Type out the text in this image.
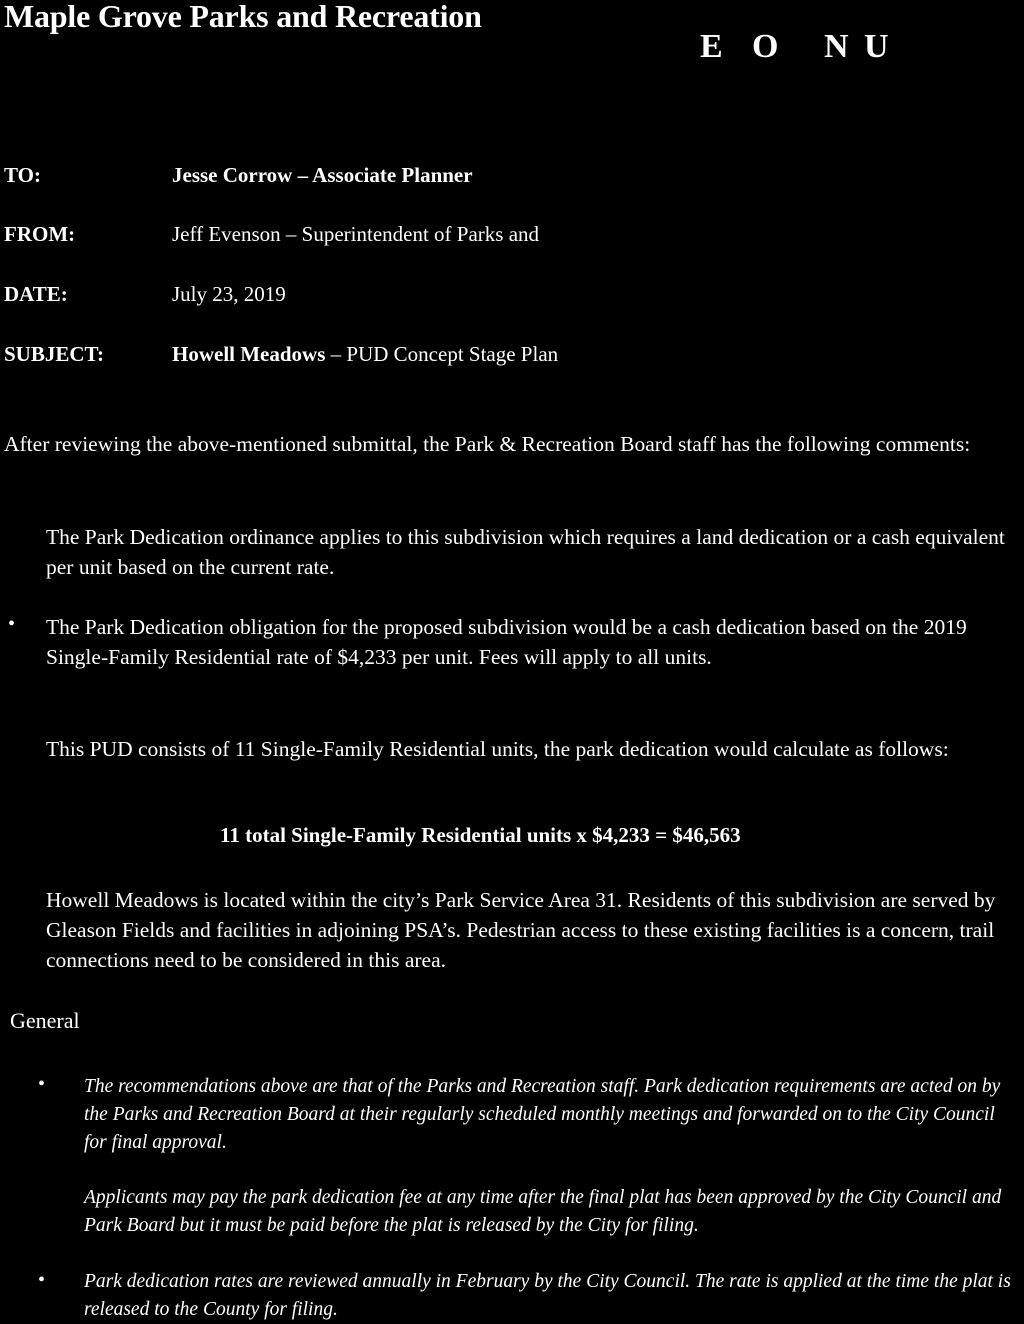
Maple Grove Parks and Recreation
E O N U
TO:	Jesse Corrow – Associate Planner
FROM:	Jeff Evenson – Superintendent of Parks and
DATE:	July 23, 2019
SUBJECT:	Howell Meadows – PUD Concept Stage Plan
After reviewing the above-mentioned submittal, the Park & Recreation Board staff has the following comments:
The Park Dedication ordinance applies to this subdivision which requires a land dedication or a cash equivalent per unit based on the current rate.
• The Park Dedication obligation for the proposed subdivision would be a cash dedication based on the 2019 Single-Family Residential rate of $4,233 per unit. Fees will apply to all units.
This PUD consists of 11 Single-Family Residential units, the park dedication would calculate as follows:
11 total Single-Family Residential units x $4,233 = $46,563
Howell Meadows is located within the city’s Park Service Area 31. Residents of this subdivision are served by Gleason Fields and facilities in adjoining PSA’s. Pedestrian access to these existing facilities is a concern, trail connections need to be considered in this area.
General
• The recommendations above are that of the Parks and Recreation staff. Park dedication requirements are acted on by the Parks and Recreation Board at their regularly scheduled monthly meetings and forwarded on to the City Council for final approval.
Applicants may pay the park dedication fee at any time after the final plat has been approved by the City Council and Park Board but it must be paid before the plat is released by the City for filing.
• Park dedication rates are reviewed annually in February by the City Council. The rate is applied at the time the plat is released to the County for filing.
